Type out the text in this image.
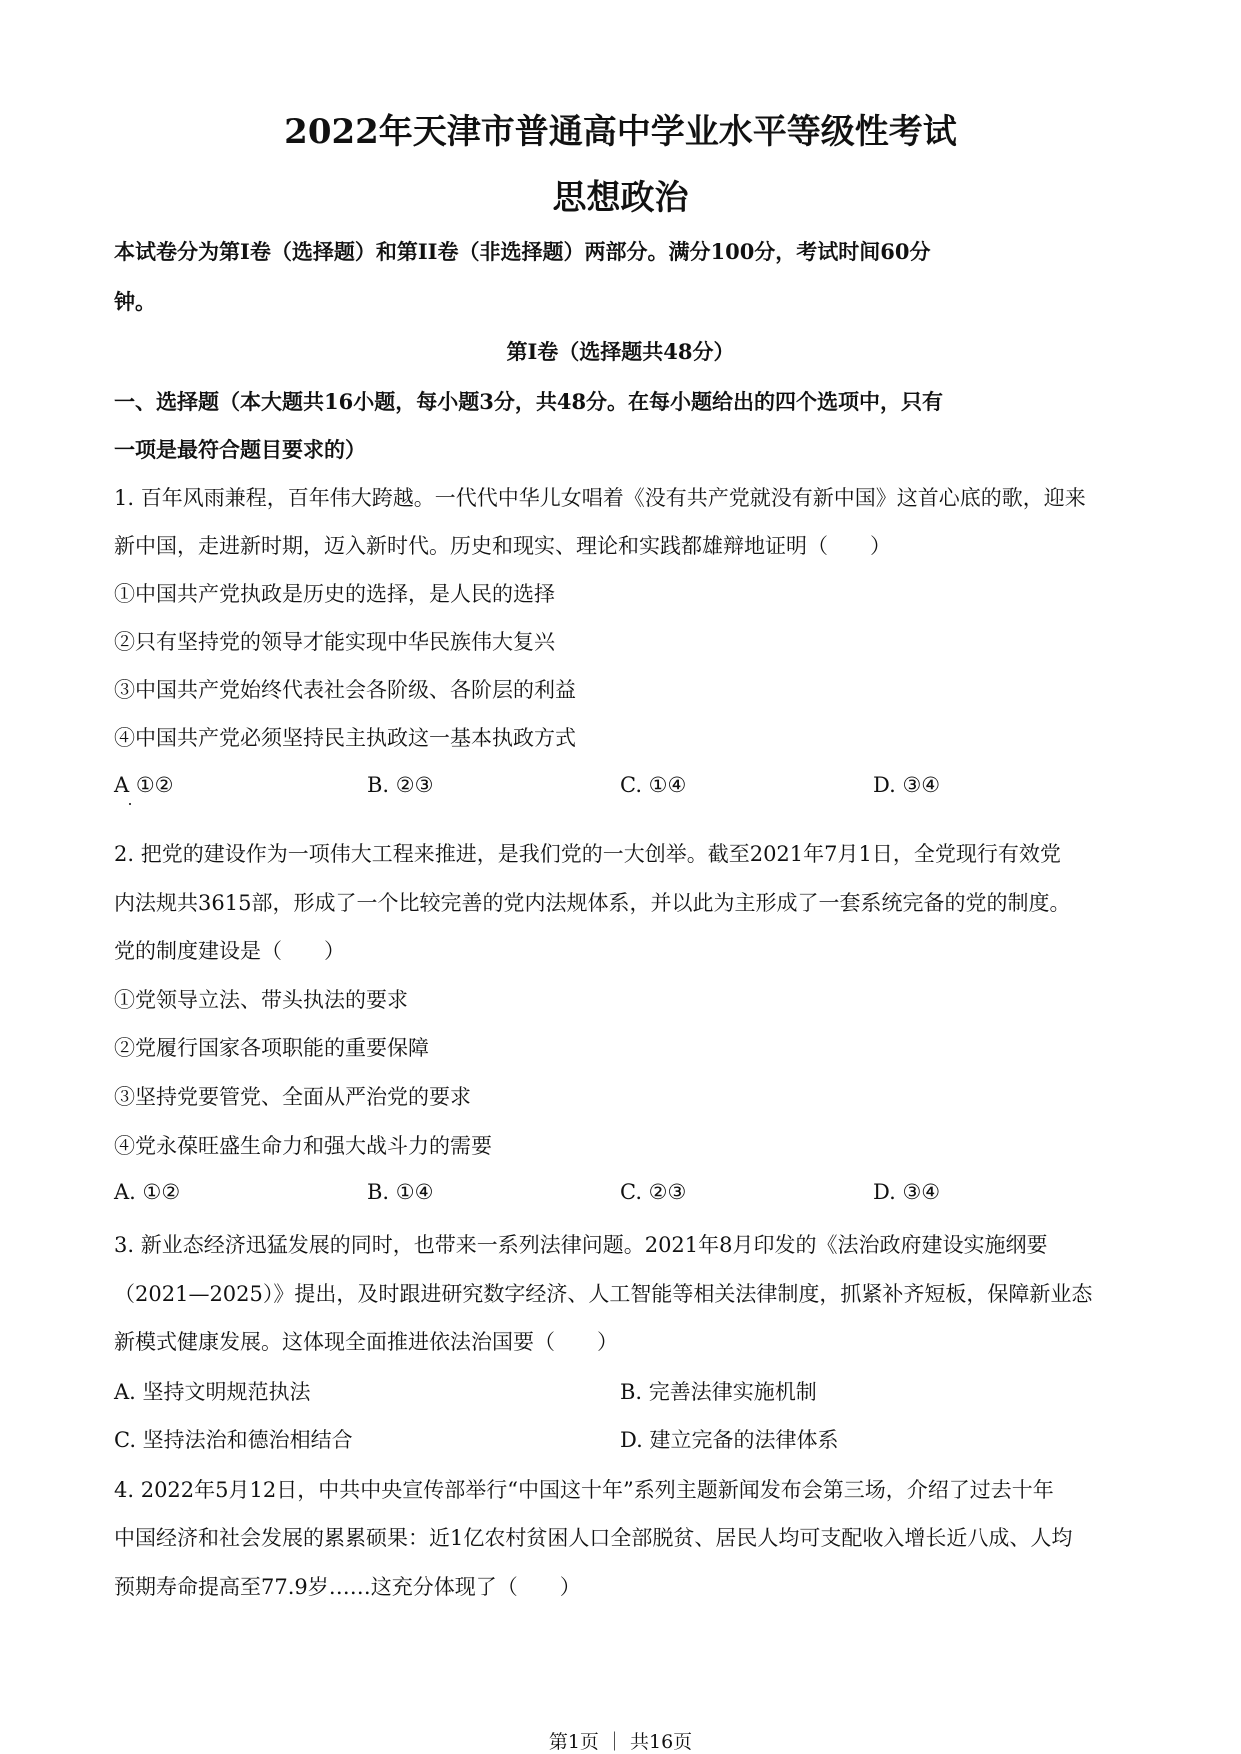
2022年天津市普通高中学业水平等级性考试
思想政治
本试卷分为第I卷（选择题）和第II卷（非选择题）两部分。满分100分，考试时间60分
钟。
第I卷（选择题共48分）
一、选择题（本大题共16小题，每小题3分，共48分。在每小题给出的四个选项中，只有
一项是最符合题目要求的）
1. 百年风雨兼程，百年伟大跨越。一代代中华儿女唱着《没有共产党就没有新中国》这首心底的歌，迎来
新中国，走进新时期，迈入新时代。历史和现实、理论和实践都雄辩地证明（　　）
①中国共产党执政是历史的选择，是人民的选择
②只有坚持党的领导才能实现中华民族伟大复兴
③中国共产党始终代表社会各阶级、各阶层的利益
④中国共产党必须坚持民主执政这一基本执政方式
A ①②	B. ②③	C. ①④	D. ③④
2. 把党的建设作为一项伟大工程来推进，是我们党的一大创举。截至2021年7月1日，全党现行有效党
内法规共3615部，形成了一个比较完善的党内法规体系，并以此为主形成了一套系统完备的党的制度。
党的制度建设是（　　）
①党领导立法、带头执法的要求
②党履行国家各项职能的重要保障
③坚持党要管党、全面从严治党的要求
④党永葆旺盛生命力和强大战斗力的需要
A. ①②	B. ①④	C. ②③	D. ③④
3. 新业态经济迅猛发展的同时，也带来一系列法律问题。2021年8月印发的《法治政府建设实施纲要
（2021—2025）》提出，及时跟进研究数字经济、人工智能等相关法律制度，抓紧补齐短板，保障新业态
新模式健康发展。这体现全面推进依法治国要（　　）
A. 坚持文明规范执法	B. 完善法律实施机制
C. 坚持法治和德治相结合	D. 建立完备的法律体系
4. 2022年5月12日，中共中央宣传部举行“中国这十年”系列主题新闻发布会第三场，介绍了过去十年
中国经济和社会发展的累累硕果：近1亿农村贫困人口全部脱贫、居民人均可支配收入增长近八成、人均
预期寿命提高至77.9岁……这充分体现了（　　）
第1页 ｜ 共16页
